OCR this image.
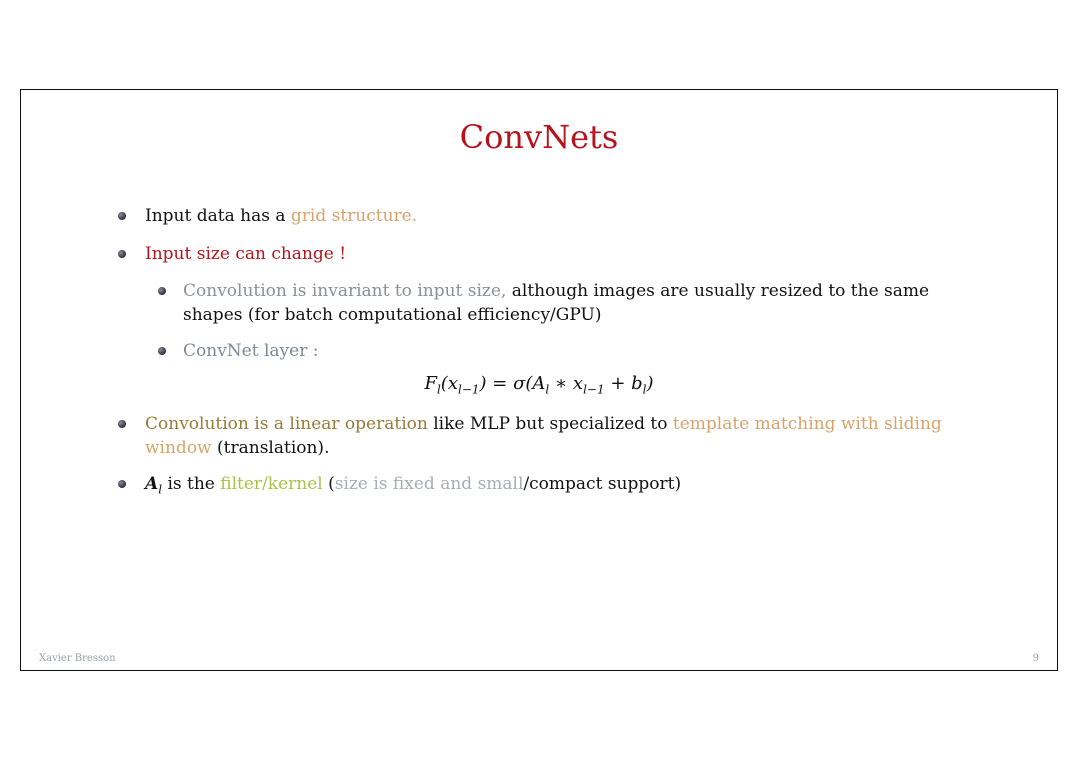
ConvNets
Input data has a grid structure.
Input size can change !
Convolution is invariant to input size, although images are usually resized to the same
shapes (for batch computational efficiency/GPU)
ConvNet layer :
$F_l(x_{l-1}) = \sigma(A_l$ ∗ $x_{l-1} + b_l$)
Convolution is a linear operation like MLP but specialized to template matching with sliding
window (translation).
$A_l$ is the filter/kernel (size is fixed and small/compact support)
Xavier Bresson	9
